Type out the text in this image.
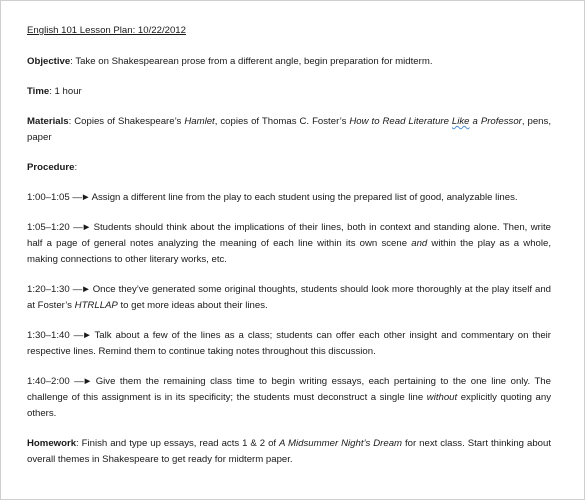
English 101 Lesson Plan: 10/22/2012

Objective: Take on Shakespearean prose from a different angle, begin preparation for midterm.

Time: 1 hour

Materials: Copies of Shakespeare’s Hamlet, copies of Thomas C. Foster’s How to Read Literature Like a Professor, pens, paper

Procedure:

1:00–1:05 —► Assign a different line from the play to each student using the prepared list of good, analyzable lines.

1:05–1:20 —► Students should think about the implications of their lines, both in context and standing alone. Then, write half a page of general notes analyzing the meaning of each line within its own scene and within the play as a whole, making connections to other literary works, etc.

1:20–1:30 —► Once they’ve generated some original thoughts, students should look more thoroughly at the play itself and at Foster’s HTRLLAP to get more ideas about their lines.

1:30–1:40 —► Talk about a few of the lines as a class; students can offer each other insight and commentary on their respective lines. Remind them to continue taking notes throughout this discussion.

1:40–2:00 —► Give them the remaining class time to begin writing essays, each pertaining to the one line only. The challenge of this assignment is in its specificity; the students must deconstruct a single line without explicitly quoting any others.

Homework: Finish and type up essays, read acts 1 & 2 of A Midsummer Night’s Dream for next class. Start thinking about overall themes in Shakespeare to get ready for midterm paper.
